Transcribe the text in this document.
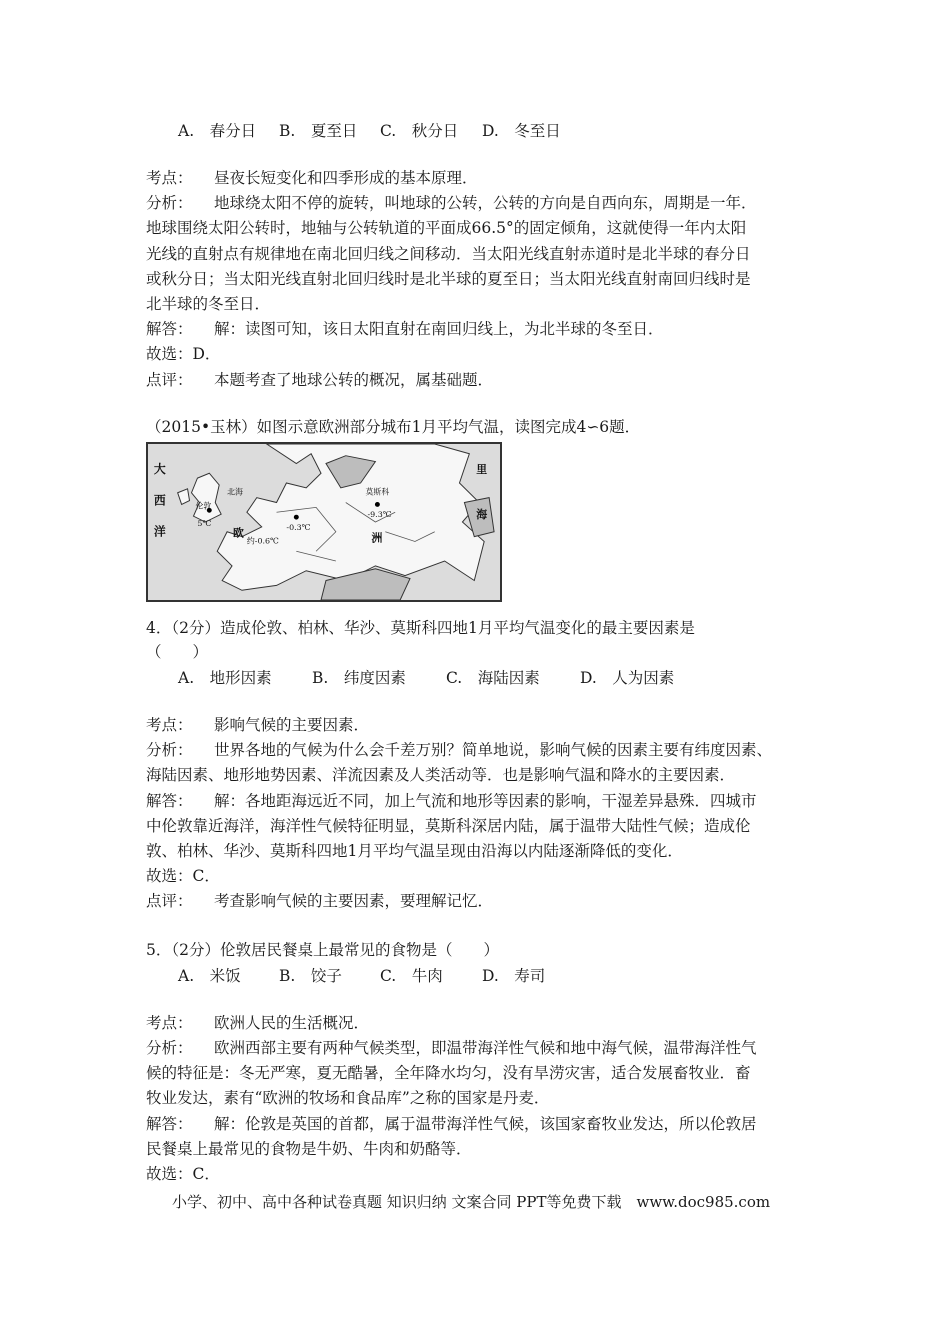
A.　春分日 B.　夏至日 C.　秋分日 D.　冬至日
考点： 昼夜长短变化和四季形成的基本原理．
分析： 地球绕太阳不停的旋转，叫地球的公转，公转的方向是自西向东，周期是一年．
地球围绕太阳公转时，地轴与公转轨道的平面成66.5°的固定倾角，这就使得一年内太阳
光线的直射点有规律地在南北回归线之间移动．当太阳光线直射赤道时是北半球的春分日
或秋分日；当太阳光线直射北回归线时是北半球的夏至日；当太阳光线直射南回归线时是
北半球的冬至日．
解答： 解：读图可知，该日太阳直射在南回归线上，为北半球的冬至日．
故选：D．
点评： 本题考查了地球公转的概况，属基础题．
（2015•玉林）如图示意欧洲部分城布1月平均气温，读图完成4∽6题．
大
西
洋
北海
伦敦
5℃	-0.3℃
约-0.6℃
莫斯科
-9.3℃
欧	洲
里
海
4．（2分）造成伦敦、柏林、华沙、莫斯科四地1月平均气温变化的最主要因素是
（　　）
A.　地形因素	B.　纬度因素	C.　海陆因素	D.　人为因素
考点： 影响气候的主要因素．
分析： 世界各地的气候为什么会千差万别？简单地说，影响气候的因素主要有纬度因素、
海陆因素、地形地势因素、洋流因素及人类活动等．也是影响气温和降水的主要因素．
解答： 解：各地距海远近不同，加上气流和地形等因素的影响，干湿差异悬殊．四城市
中伦敦靠近海洋，海洋性气候特征明显，莫斯科深居内陆，属于温带大陆性气候；造成伦
敦、柏林、华沙、莫斯科四地1月平均气温呈现由沿海以内陆逐渐降低的变化．
故选：C．
点评： 考查影响气候的主要因素，要理解记忆．
5．（2分）伦敦居民餐桌上最常见的食物是（　　）
A.　米饭 B.　饺子 C.　牛肉	D.　寿司
考点： 欧洲人民的生活概况．
分析： 欧洲西部主要有两种气候类型，即温带海洋性气候和地中海气候，温带海洋性气
候的特征是：冬无严寒，夏无酷暑，全年降水均匀，没有旱涝灾害，适合发展畜牧业．畜
牧业发达，素有“欧洲的牧场和食品库”之称的国家是丹麦．
解答： 解：伦敦是英国的首都，属于温带海洋性气候，该国家畜牧业发达，所以伦敦居
民餐桌上最常见的食物是牛奶、牛肉和奶酪等．
故选：C．
小学、初中、高中各种试卷真题 知识归纳 文案合同 PPT等免费下载　www.doc985.com
